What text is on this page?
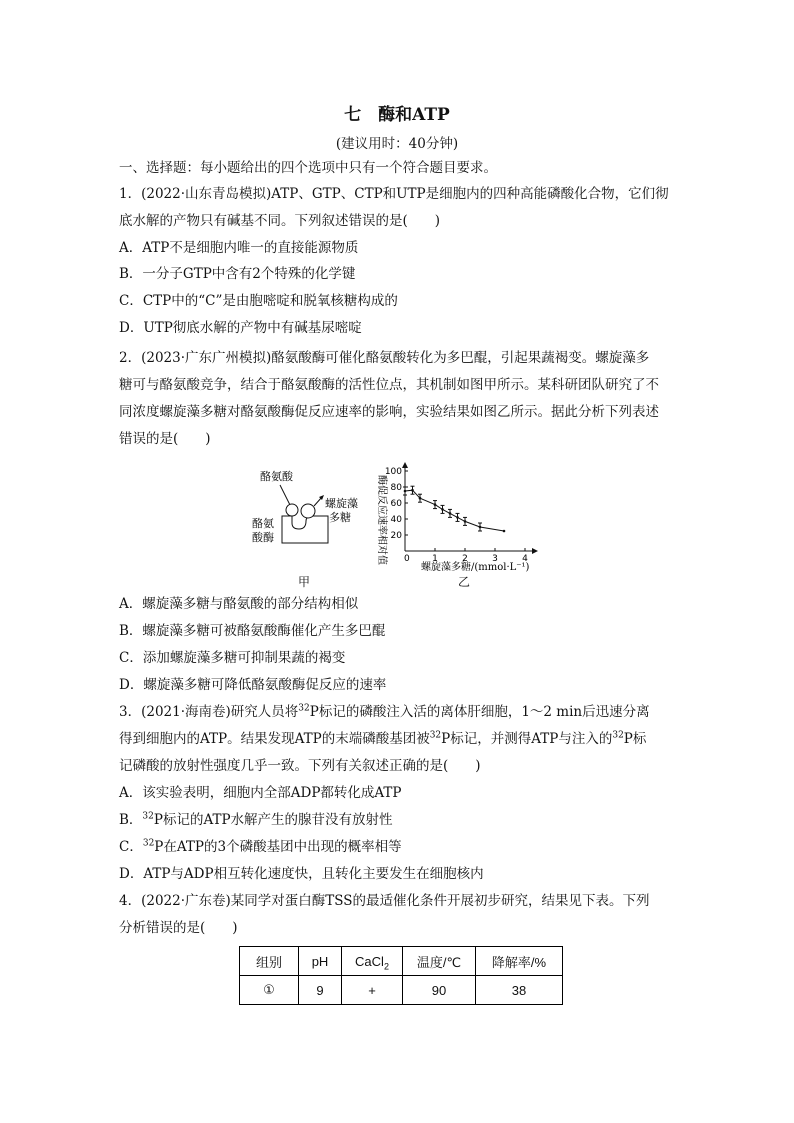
七　酶和ATP
(建议用时：40分钟)
一、选择题：每小题给出的四个选项中只有一个符合题目要求。
1．(2022·山东青岛模拟)ATP、GTP、CTP和UTP是细胞内的四种高能磷酸化合物，它们彻
底水解的产物只有碱基不同。下列叙述错误的是(　　)
A．ATP不是细胞内唯一的直接能源物质
B．一分子GTP中含有2个特殊的化学键
C．CTP中的“C”是由胞嘧啶和脱氧核糖构成的
D．UTP彻底水解的产物中有碱基尿嘧啶
2．(2023·广东广州模拟)酪氨酸酶可催化酪氨酸转化为多巴醌，引起果蔬褐变。螺旋藻多
糖可与酪氨酸竞争，结合于酪氨酸酶的活性位点，其机制如图甲所示。某科研团队研究了不
同浓度螺旋藻多糖对酪氨酸酶促反应速率的影响，实验结果如图乙所示。据此分析下列表述
错误的是(　　)
酪氨酸
螺旋藻
多糖
酪氨
酸酶
甲
酶促反应速率相对值
100
80
60
40
20
1	2	3	4
0
螺旋藻多糖/(mmol·L⁻¹)
乙
A．螺旋藻多糖与酪氨酸的部分结构相似
B．螺旋藻多糖可被酪氨酸酶催化产生多巴醌
C．添加螺旋藻多糖可抑制果蔬的褐变
D．螺旋藻多糖可降低酪氨酸酶促反应的速率
3．(2021·海南卷)研究人员将$^{32}$P标记的磷酸注入活的离体肝细胞，1～2 min后迅速分离
得到细胞内的ATP。结果发现ATP的末端磷酸基团被$^{32}$P标记，并测得ATP与注入的$^{32}$P标
记磷酸的放射性强度几乎一致。下列有关叙述正确的是(　　)
A．该实验表明，细胞内全部ADP都转化成ATP
B．$^{32}$P标记的ATP水解产生的腺苷没有放射性
C．$^{32}$P在ATP的3个磷酸基团中出现的概率相等
D．ATP与ADP相互转化速度快，且转化主要发生在细胞核内
4．(2022·广东卷)某同学对蛋白酶TSS的最适催化条件开展初步研究，结果见下表。下列
分析错误的是(　　)
组别	pH	CaCl$_2$	温度/℃	降解率/%
①	9	+	90	38
